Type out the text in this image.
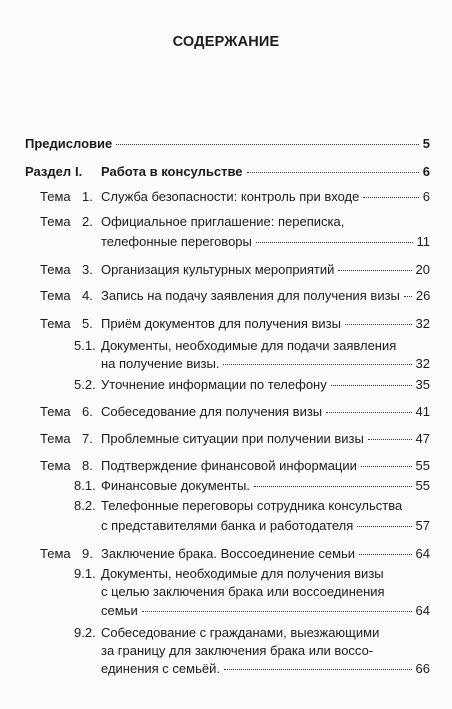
СОДЕРЖАНИЕ
Предисловие	5
Раздел I.	Работа в консульстве	6
Тема 1. Служба безопасности: контроль при входе	6
Тема 2. Официальное приглашение: переписка,
телефонные переговоры	11
Тема 3. Организация культурных мероприятий	20
Тема 4. Запись на подачу заявления для получения визы 26
Тема 5. Приём документов для получения визы	32
5.1. Документы, необходимые для подачи заявления
на получение визы.	32
5.2. Уточнение информации по телефону	35
Тема 6. Собеседование для получения визы	41
Тема 7. Проблемные ситуации при получении визы	47
Тема 8. Подтверждение финансовой информации	55
8.1. Финансовые документы.	55
8.2. Телефонные переговоры сотрудника консульства
с представителями банка и работодателя	57
Тема 9. Заключение брака. Воссоединение семьи	64
9.1. Документы, необходимые для получения визы
с целью заключения брака или воссоединения
семьи	64
9.2. Собеседование с гражданами, выезжающими
за границу для заключения брака или воссо-
единения с семьёй.	66
